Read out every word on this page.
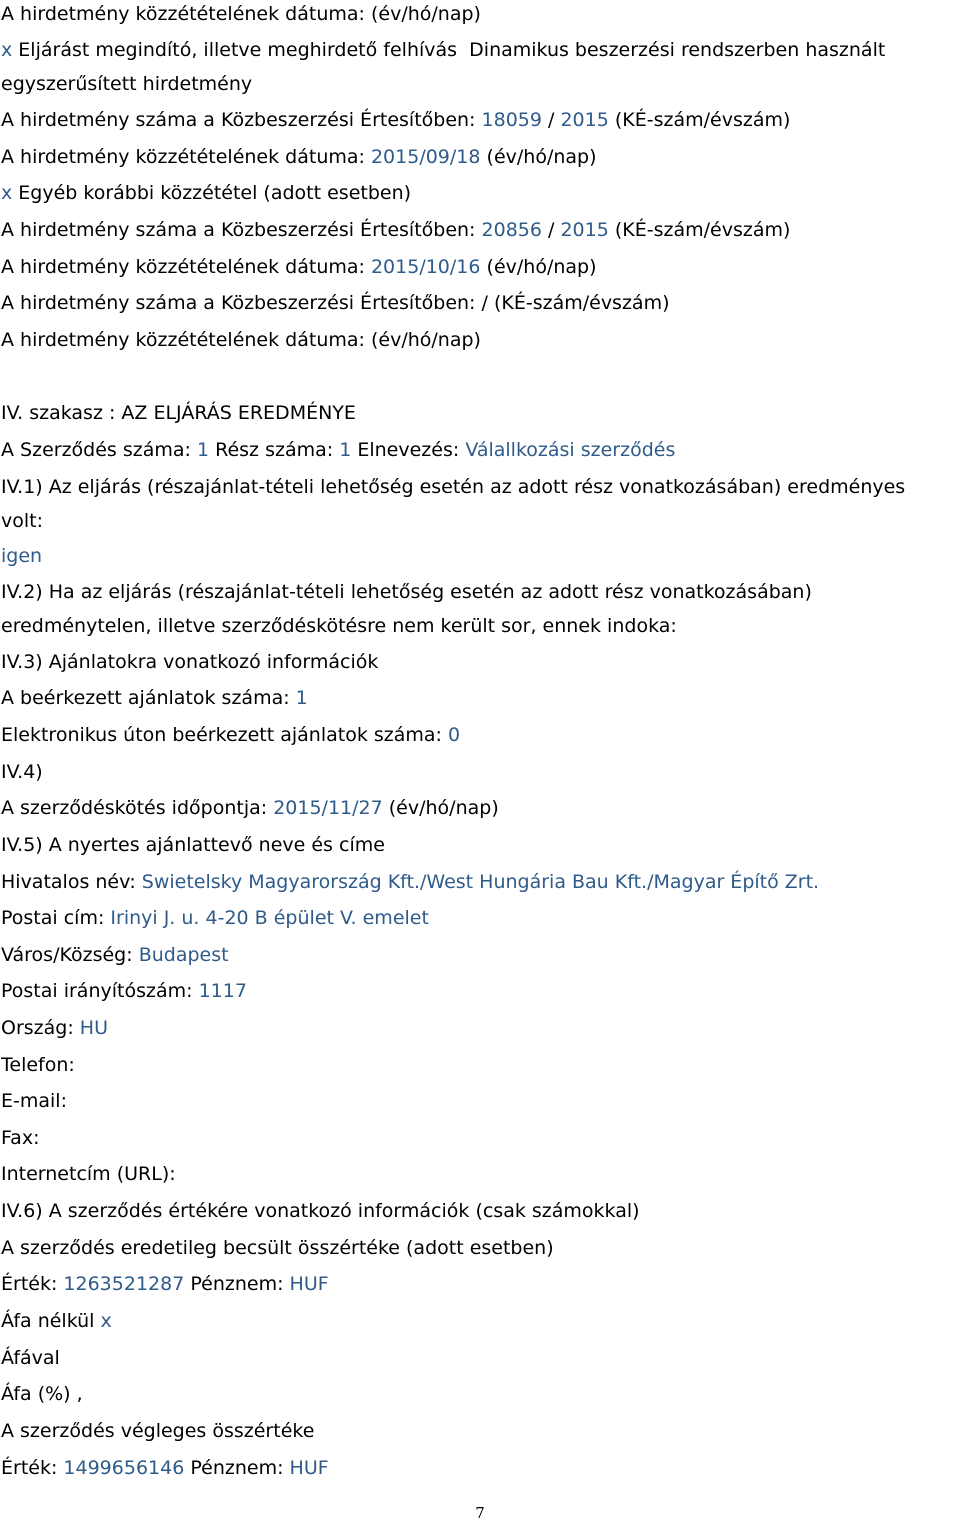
A hirdetmény közzétételének dátuma: (év/hó/nap)
x Eljárást megindító, illetve meghirdető felhívás Dinamikus beszerzési rendszerben használt
egyszerűsített hirdetmény
A hirdetmény száma a Közbeszerzési Értesítőben: 18059 / 2015 (KÉ-szám/évszám)
A hirdetmény közzétételének dátuma: 2015/09/18 (év/hó/nap)
x Egyéb korábbi közzététel (adott esetben)
A hirdetmény száma a Közbeszerzési Értesítőben: 20856 / 2015 (KÉ-szám/évszám)
A hirdetmény közzétételének dátuma: 2015/10/16 (év/hó/nap)
A hirdetmény száma a Közbeszerzési Értesítőben: / (KÉ-szám/évszám)
A hirdetmény közzétételének dátuma: (év/hó/nap)
IV. szakasz : AZ ELJÁRÁS EREDMÉNYE
A Szerződés száma: 1 Rész száma: 1 Elnevezés: Válallkozási szerződés
IV.1) Az eljárás (részajánlat-tételi lehetőség esetén az adott rész vonatkozásában) eredményes
volt:
igen
IV.2) Ha az eljárás (részajánlat-tételi lehetőség esetén az adott rész vonatkozásában)
eredménytelen, illetve szerződéskötésre nem került sor, ennek indoka:
IV.3) Ajánlatokra vonatkozó információk
A beérkezett ajánlatok száma: 1
Elektronikus úton beérkezett ajánlatok száma: 0
IV.4)
A szerződéskötés időpontja: 2015/11/27 (év/hó/nap)
IV.5) A nyertes ajánlattevő neve és címe
Hivatalos név: Swietelsky Magyarország Kft./West Hungária Bau Kft./Magyar Építő Zrt.
Postai cím: Irinyi J. u. 4-20 B épület V. emelet
Város/Község: Budapest
Postai irányítószám: 1117
Ország: HU
Telefon:
E-mail:
Fax:
Internetcím (URL):
IV.6) A szerződés értékére vonatkozó információk (csak számokkal)
A szerződés eredetileg becsült összértéke (adott esetben)
Érték: 1263521287 Pénznem: HUF
Áfa nélkül x
Áfával
Áfa (%) ,
A szerződés végleges összértéke
Érték: 1499656146 Pénznem: HUF
7
